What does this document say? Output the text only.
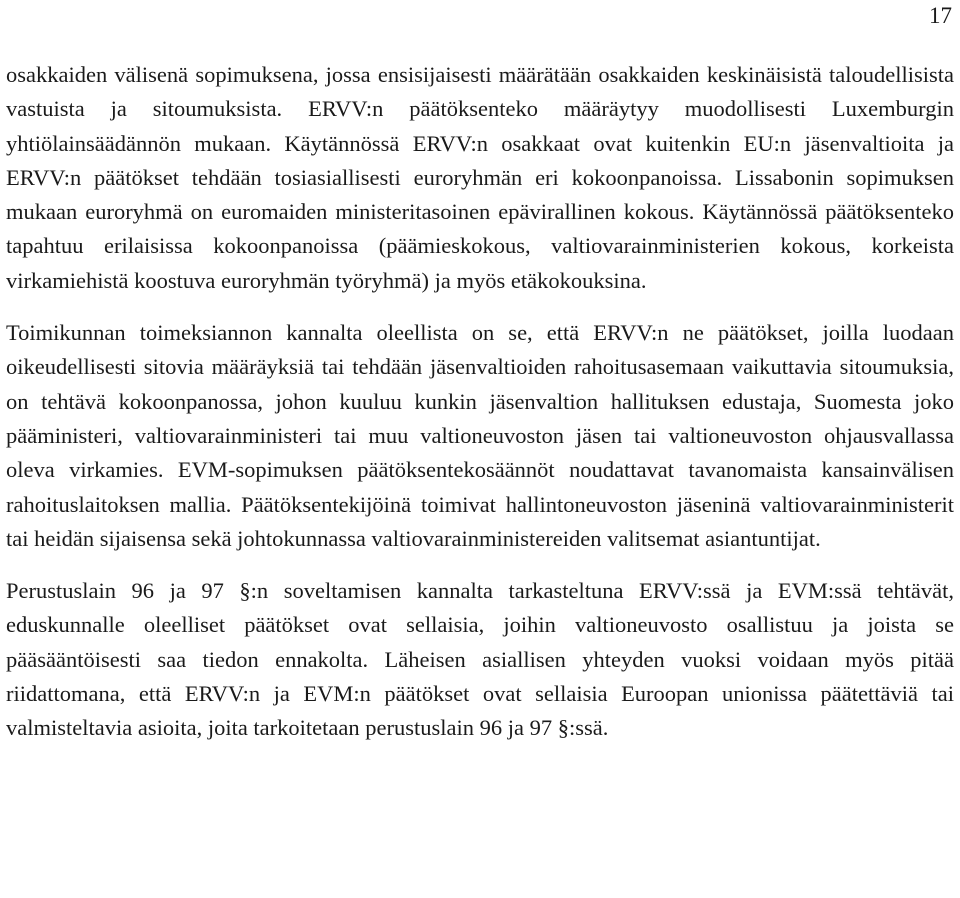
17

osakkaiden välisenä sopimuksena, jossa ensisijaisesti määrätään osakkaiden keskinäisistä taloudellisista vastuista ja sitoumuksista. ERVV:n päätöksenteko määräytyy muodollisesti Luxemburgin yhtiölainsäädännön mukaan. Käytännössä ERVV:n osakkaat ovat kuitenkin EU:n jäsenvaltioita ja ERVV:n päätökset tehdään tosiasiallisesti euroryhmän eri kokoonpanoissa. Lissabonin sopimuksen mukaan euroryhmä on euromaiden ministeritasoinen epävirallinen kokous. Käytännössä päätöksenteko tapahtuu erilaisissa kokoonpanoissa (päämieskokous, valtiovarainministerien kokous, korkeista virkamiehistä koostuva euroryhmän työryhmä) ja myös etäkokouksina.

Toimikunnan toimeksiannon kannalta oleellista on se, että ERVV:n ne päätökset, joilla luodaan oikeudellisesti sitovia määräyksiä tai tehdään jäsenvaltioiden rahoitusasemaan vaikuttavia sitoumuksia, on tehtävä kokoonpanossa, johon kuuluu kunkin jäsenvaltion hallituksen edustaja, Suomesta joko pääministeri, valtiovarainministeri tai muu valtioneuvoston jäsen tai valtioneuvoston ohjausvallassa oleva virkamies. EVM-sopimuksen päätöksentekosäännöt noudattavat tavanomaista kansainvälisen rahoituslaitoksen mallia. Päätöksentekijöinä toimivat hallintoneuvoston jäseninä valtiovarainministerit tai heidän sijaisensa sekä johtokunnassa valtiovarainministereiden valitsemat asiantuntijat.

Perustuslain 96 ja 97 §:n soveltamisen kannalta tarkasteltuna ERVV:ssä ja EVM:ssä tehtävät, eduskunnalle oleelliset päätökset ovat sellaisia, joihin valtioneuvosto osallistuu ja joista se pääsääntöisesti saa tiedon ennakolta. Läheisen asiallisen yhteyden vuoksi voidaan myös pitää riidattomana, että ERVV:n ja EVM:n päätökset ovat sellaisia Euroopan unionissa päätettäviä tai valmisteltavia asioita, joita tarkoitetaan perustuslain 96 ja 97 §:ssä.
